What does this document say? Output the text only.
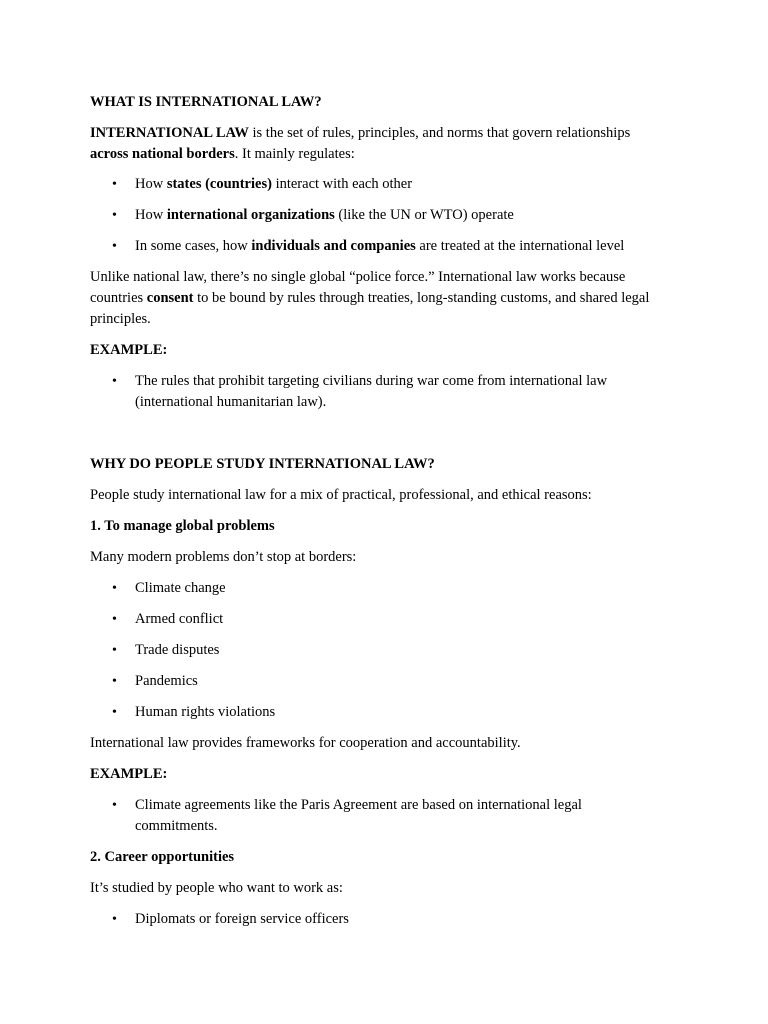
WHAT IS INTERNATIONAL LAW?
INTERNATIONAL LAW is the set of rules, principles, and norms that govern relationships across national borders. It mainly regulates:
• How states (countries) interact with each other
• How international organizations (like the UN or WTO) operate
• In some cases, how individuals and companies are treated at the international level
Unlike national law, there’s no single global “police force.” International law works because countries consent to be bound by rules through treaties, long-standing customs, and shared legal principles.
EXAMPLE:
• The rules that prohibit targeting civilians during war come from international law (international humanitarian law).
WHY DO PEOPLE STUDY INTERNATIONAL LAW?
People study international law for a mix of practical, professional, and ethical reasons:
1. To manage global problems
Many modern problems don’t stop at borders:
• Climate change
• Armed conflict
• Trade disputes
• Pandemics
• Human rights violations
International law provides frameworks for cooperation and accountability.
EXAMPLE:
• Climate agreements like the Paris Agreement are based on international legal commitments.
2. Career opportunities
It’s studied by people who want to work as:
• Diplomats or foreign service officers
